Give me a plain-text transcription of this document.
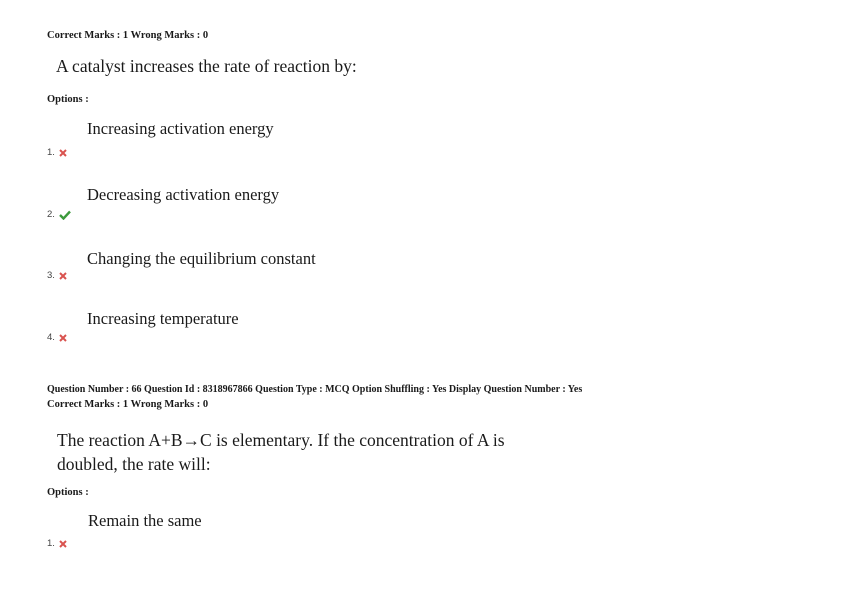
Correct Marks : 1 Wrong Marks : 0
A catalyst increases the rate of reaction by:
Options :
Increasing activation energy
1.
Decreasing activation energy
2.
Changing the equilibrium constant
3.
Increasing temperature
4.
Question Number : 66 Question Id : 8318967866 Question Type : MCQ Option Shuffling : Yes Display Question Number : Yes
Correct Marks : 1 Wrong Marks : 0
The reaction A+B→C is elementary. If the concentration of A is
doubled, the rate will:
Options :
Remain the same
1.
